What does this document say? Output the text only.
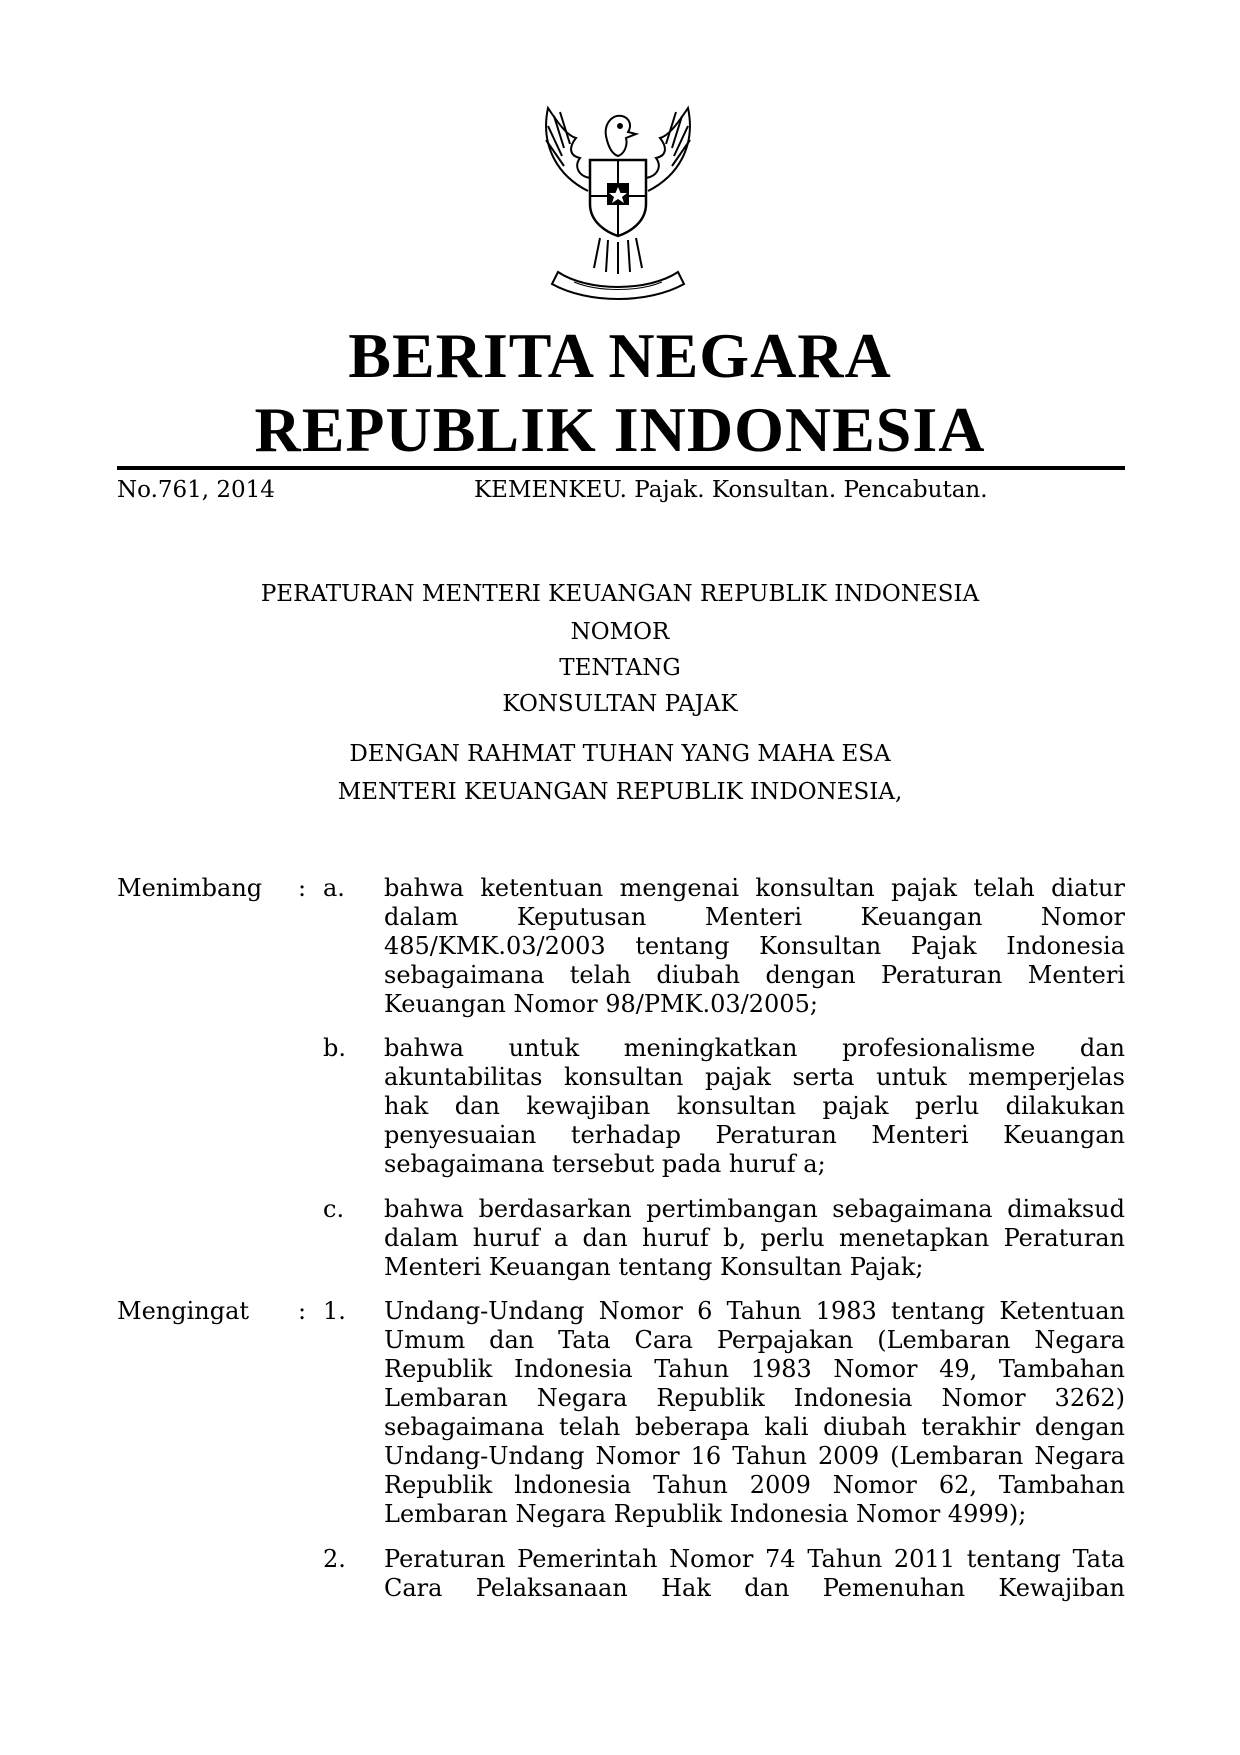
BERITA NEGARA
REPUBLIK INDONESIA
No.761, 2014	KEMENKEU. Pajak. Konsultan. Pencabutan.
PERATURAN MENTERI KEUANGAN REPUBLIK INDONESIA
NOMOR
TENTANG
KONSULTAN PAJAK
DENGAN RAHMAT TUHAN YANG MAHA ESA
MENTERI KEUANGAN REPUBLIK INDONESIA,
Menimbang : a. bahwa ketentuan mengenai konsultan pajak telah diatur
dalam Keputusan Menteri Keuangan Nomor
485/KMK.03/2003 tentang Konsultan Pajak Indonesia
sebagaimana telah diubah dengan Peraturan Menteri
Keuangan Nomor 98/PMK.03/2005;
b. bahwa untuk meningkatkan profesionalisme dan
akuntabilitas konsultan pajak serta untuk memperjelas
hak dan kewajiban konsultan pajak perlu dilakukan
penyesuaian terhadap Peraturan Menteri Keuangan
sebagaimana tersebut pada huruf a;
c. bahwa berdasarkan pertimbangan sebagaimana dimaksud
dalam huruf a dan huruf b, perlu menetapkan Peraturan
Menteri Keuangan tentang Konsultan Pajak;
Mengingat : 1. Undang-Undang Nomor 6 Tahun 1983 tentang Ketentuan
Umum dan Tata Cara Perpajakan (Lembaran Negara
Republik Indonesia Tahun 1983 Nomor 49, Tambahan
Lembaran Negara Republik Indonesia Nomor 3262)
sebagaimana telah beberapa kali diubah terakhir dengan
Undang-Undang Nomor 16 Tahun 2009 (Lembaran Negara
Republik lndonesia Tahun 2009 Nomor 62, Tambahan
Lembaran Negara Republik Indonesia Nomor 4999);
2. Peraturan Pemerintah Nomor 74 Tahun 2011 tentang Tata
Cara Pelaksanaan Hak dan Pemenuhan Kewajiban
